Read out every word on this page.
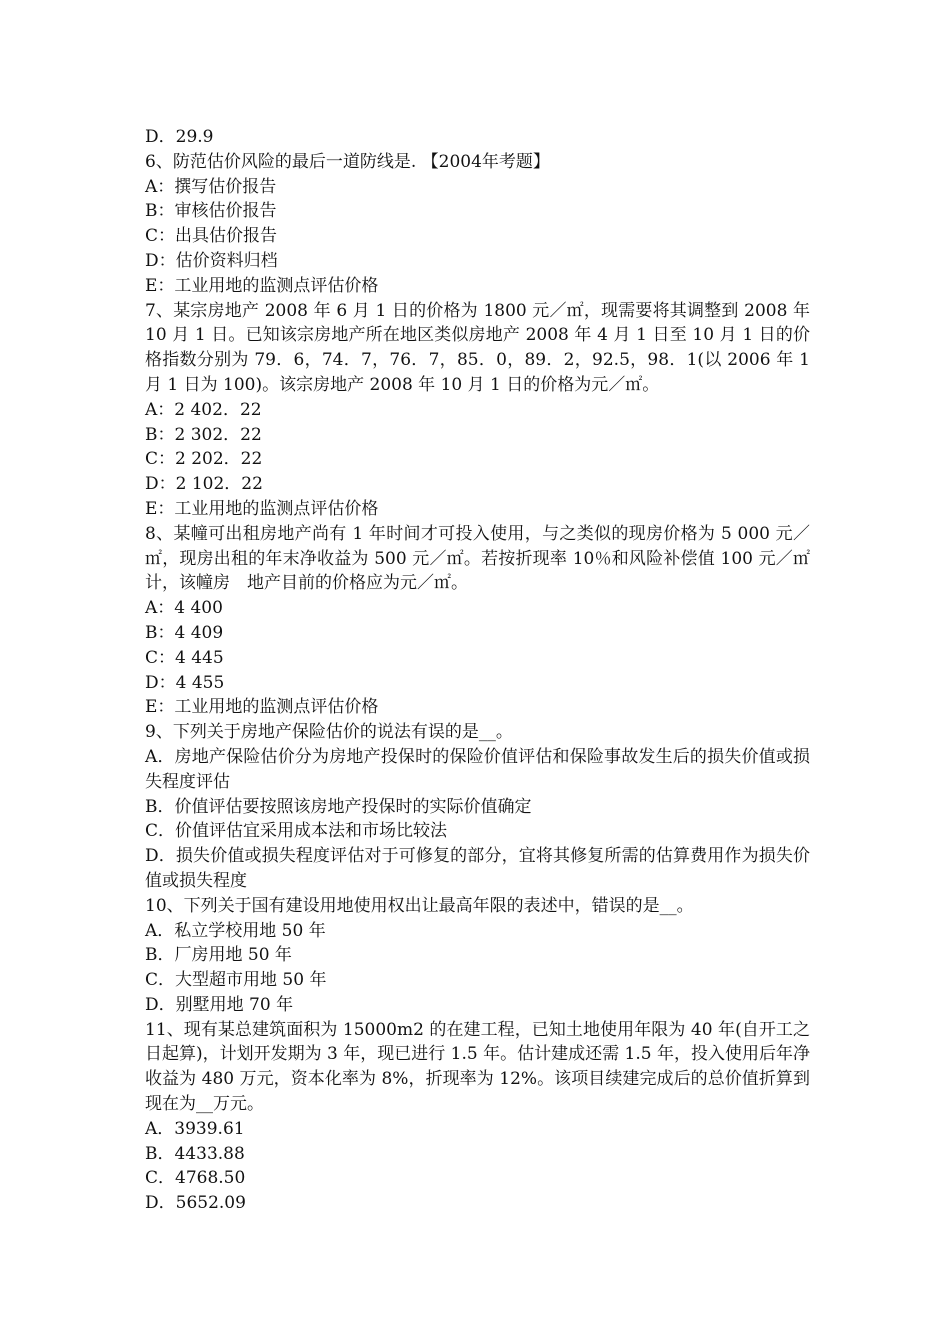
D．29.9

6、防范估价风险的最后一道防线是. 【2004年考题】

A：撰写估价报告

B：审核估价报告

C：出具估价报告

D：估价资料归档

E：工业用地的监测点评估价格

7、某宗房地产 2008 年 6 月 1 日的价格为 1800 元／㎡，现需要将其调整到 2008 年 10 月 1 日。已知该宗房地产所在地区类似房地产 2008 年 4 月 1 日至 10 月 1 日的价格指数分别为 79．6，74．7，76．7，85．0，89．2，92.5，98．1(以 2006 年 1 月 1 日为 100)。该宗房地产 2008 年 10 月 1 日的价格为元／㎡。

A：2 402．22

B：2 302．22

C：2 202．22

D：2 102．22

E：工业用地的监测点评估价格

8、某幢可出租房地产尚有 1 年时间才可投入使用，与之类似的现房价格为 5 000 元／㎡，现房出租的年末净收益为 500 元／㎡。若按折现率 10％和风险补偿值 100 元／㎡计，该幢房　地产目前的价格应为元／㎡。

A：4 400

B：4 409

C：4 445

D：4 455

E：工业用地的监测点评估价格

9、下列关于房地产保险估价的说法有误的是__。

A．房地产保险估价分为房地产投保时的保险价值评估和保险事故发生后的损失价值或损失程度评估

B．价值评估要按照该房地产投保时的实际价值确定

C．价值评估宜采用成本法和市场比较法

D．损失价值或损失程度评估对于可修复的部分，宜将其修复所需的估算费用作为损失价值或损失程度

10、下列关于国有建设用地使用权出让最高年限的表述中，错误的是__。

A．私立学校用地 50 年

B．厂房用地 50 年

C．大型超市用地 50 年

D．别墅用地 70 年

11、现有某总建筑面积为 15000m2 的在建工程，已知土地使用年限为 40 年(自开工之日起算)，计划开发期为 3 年，现已进行 1.5 年。估计建成还需 1.5 年，投入使用后年净收益为 480 万元，资本化率为 8%，折现率为 12%。该项目续建完成后的总价值折算到现在为__万元。

A．3939.61

B．4433.88

C．4768.50

D．5652.09
